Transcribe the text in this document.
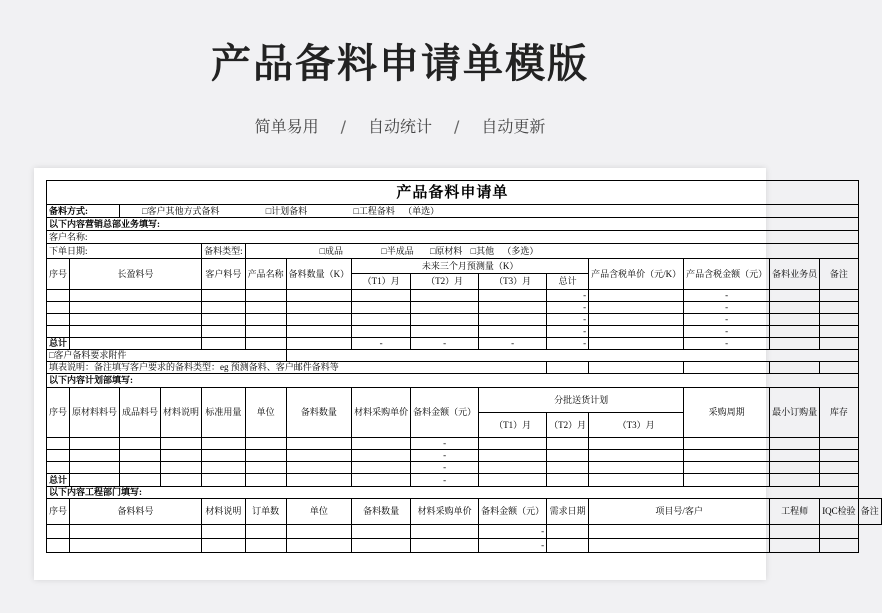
产品备料申请单模版
简单易用 / 自动统计 / 自动更新
产品备料申请单															
备料方式:		□客户其他方式备料 □计划备料 □工程备料 （单选）													
以下内容营销总部业务填写:															
客户名称:															
下单日期:				备料类型:	□成品 □半成品 □原材料 □其他 （多选）										
序号	长盈料号			客户料号	产品名称	备料数量（K）	未来三个月预测量（K）				产品含税单价（元/K）	产品含税金额（元）	备料业务员	备注	
							（T1）月	（T2）月	（T3）月	总计					
										-		-			
										-		-			
										-		-			
										-		-			
总计							-	-	-	-		-			
□客户备料要求附件															
填表说明：备注填写客户要求的备料类型：eg 预测备料、客户邮件备料等															
以下内容计划部填写:															
序号	原材料料号	成品料号	材料说明	标准用量	单位	备料数量	材料采购单价	备料金额（元）	分批送货计划			采购周期	最小订购量	库存	
									（T1）月	（T2）月	（T3）月				
								-							
								-							
								-							
总计								-							
以下内容工程部门填写:															
序号	备料料号			材料说明	订单数	单位	备料数量	材料采购单价	备料金额（元）	需求日期	项目号/客户		工程师	IQC检验	备注
									-						
									-						
